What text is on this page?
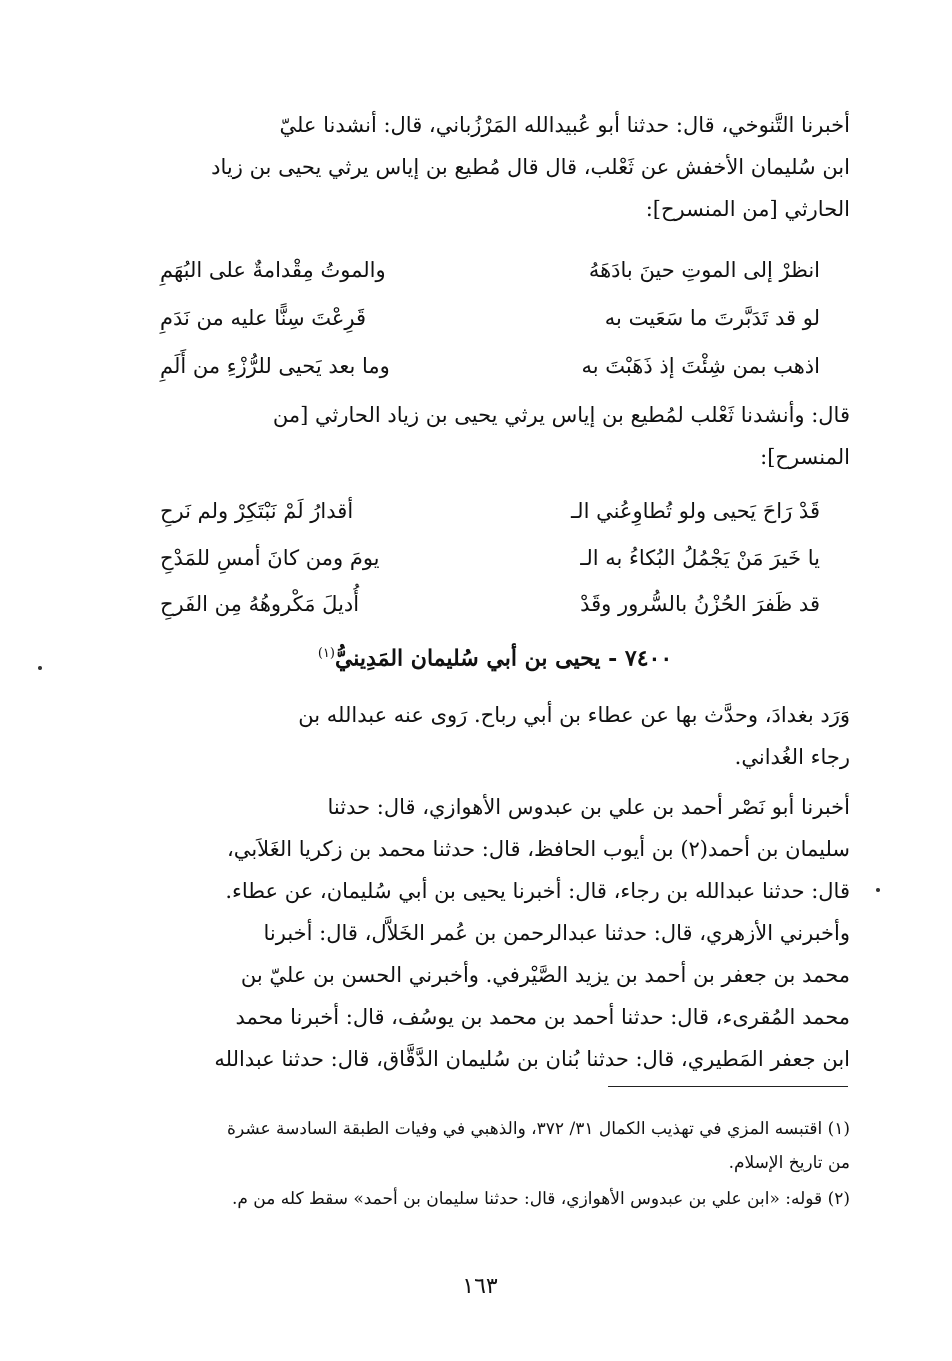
أخبرنا التَّنوخي، قال: حدثنا أبو عُبيدالله المَرْزُباني، قال: أنشدنا عليّ
ابن سُليمان الأخفش عن ثَعْلب، قال قال مُطيع بن إياس يرثي يحيى بن زياد
الحارثي [من المنسرح]:
انظرْ إلى الموتِ حينَ بادَهَهُ
والموتُ مِقْدامةٌ على البُهَمِ
لو قد تَدَبَّرتَ ما سَعَيت به
قَرِعْتَ سِنًّا عليه من نَدَمِ
اذهب بمن شِئْتَ إذ ذَهَبْتَ به
وما بعد يَحيى للرُّزْءِ من أَلَمِ
قال: وأنشدنا ثَعْلب لمُطيع بن إياس يرثي يحيى بن زياد الحارثي [من
المنسرح]:
قَدْ رَاحَ يَحيى ولو تُطاوِعُني الـ
أقدارُ لَمْ نَبْتَكِرْ ولم نَرحِ
يا خَيرَ مَنْ يَجْمُلُ البُكاءُ به الـ
يومَ ومن كانَ أمسِ للمَدْحِ
قد ظَفرَ الحُزْنُ بالسُّرور وقَدْ
أُديلَ مَكْروهُهُ مِن الفَرحِ
٧٤٠٠ - يحيى بن أبي سُليمان المَدِينيُّ$^{(١)}$
وَرَد بغدادَ، وحدَّث بها عن عطاء بن أبي رباح. رَوى عنه عبدالله بن
رجاء الغُداني.
أخبرنا أبو نَصْر أحمد بن علي بن عبدوس الأهوازي، قال: حدثنا
سليمان بن أحمد(٢) بن أيوب الحافظ، قال: حدثنا محمد بن زكريا الغَلاَبي،
قال: حدثنا عبدالله بن رجاء، قال: أخبرنا يحيى بن أبي سُليمان، عن عطاء.
وأخبرني الأزهري، قال: حدثنا عبدالرحمن بن عُمر الخَلاَّل، قال: أخبرنا
محمد بن جعفر بن أحمد بن يزيد الصَّيْرفي. وأخبرني الحسن بن عليّ بن
محمد المُقرىء، قال: حدثنا أحمد بن محمد بن يوسُف، قال: أخبرنا محمد
ابن جعفر المَطيري، قال: حدثنا بُنان بن سُليمان الدَّقَّاق، قال: حدثنا عبدالله
(١) اقتبسه المزي في تهذيب الكمال ٣١/ ٣٧٢، والذهبي في وفيات الطبقة السادسة عشرة
من تاريخ الإسلام.
(٢) قوله: «ابن علي بن عبدوس الأهوازي، قال: حدثنا سليمان بن أحمد» سقط كله من م.
١٦٣
